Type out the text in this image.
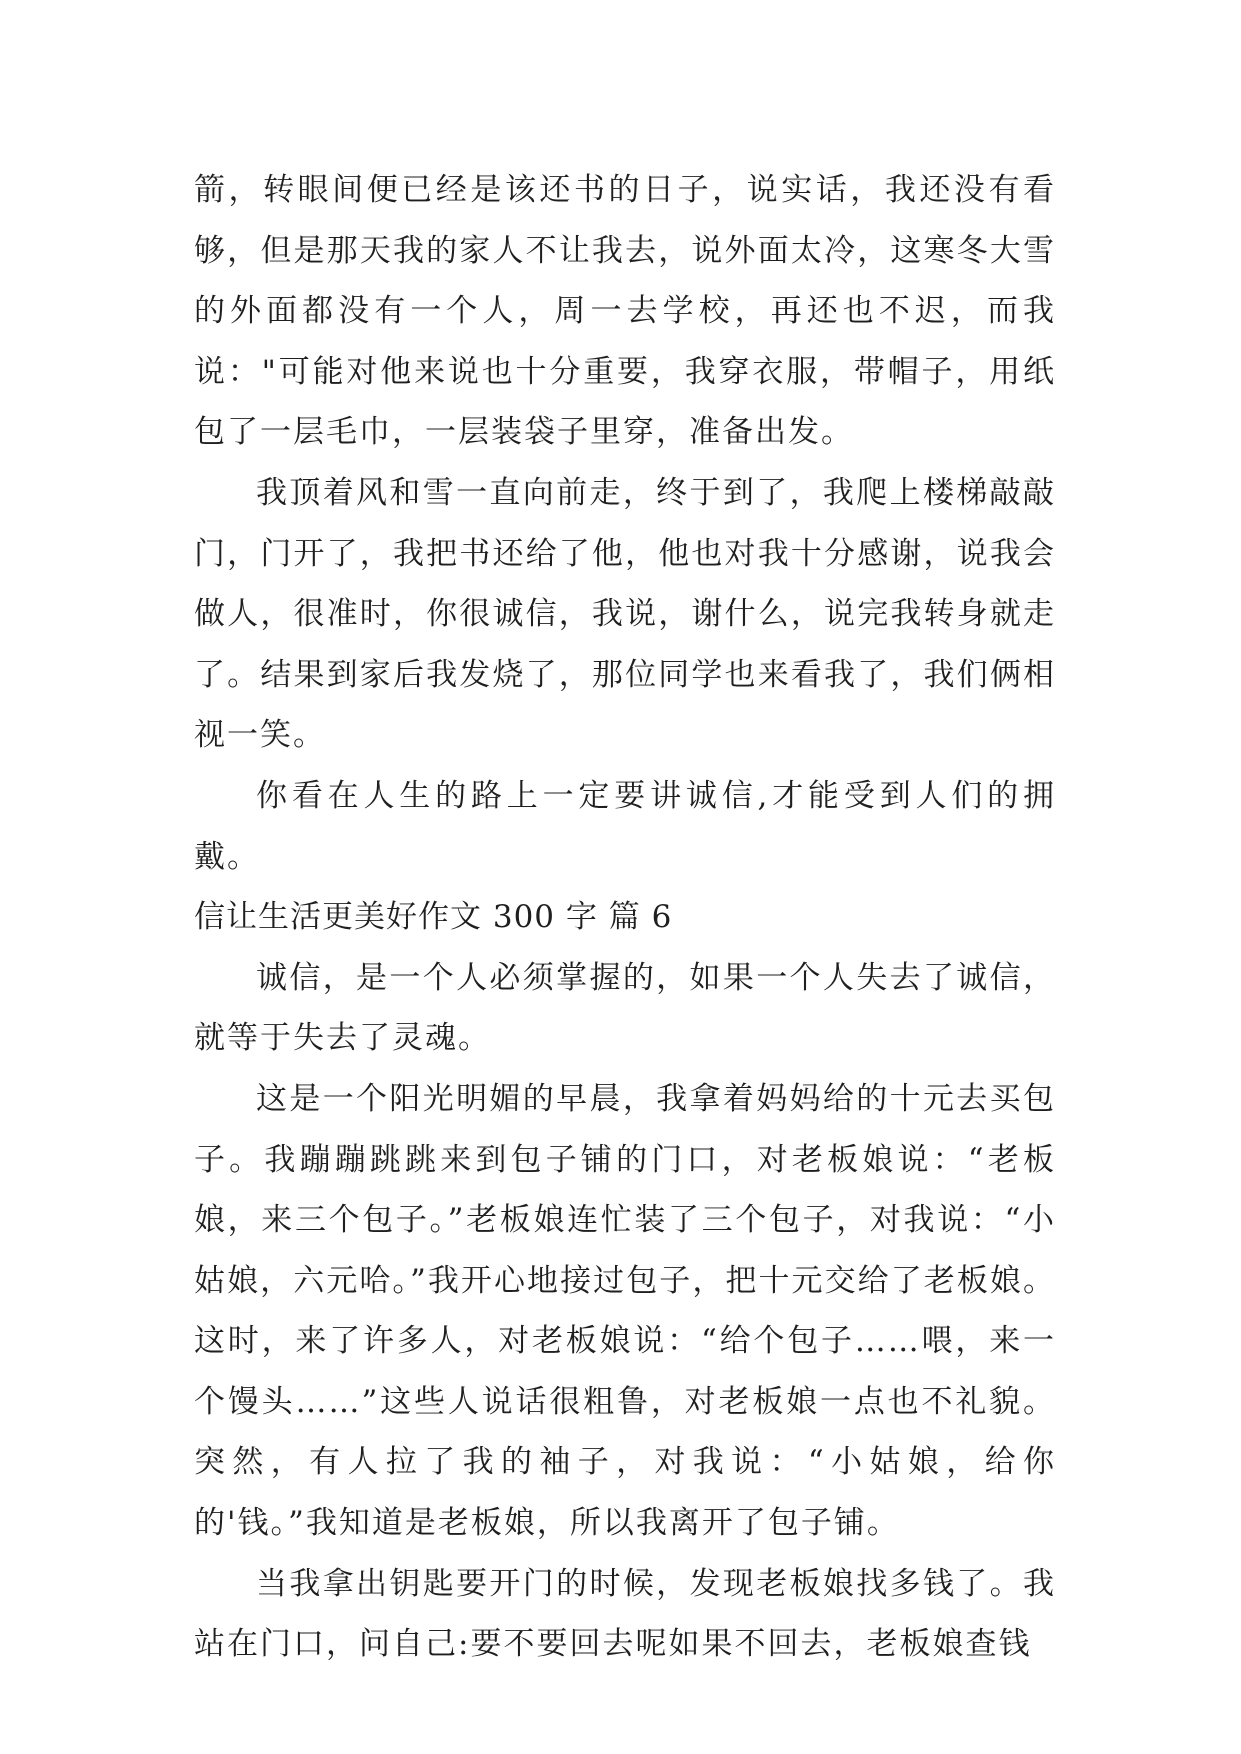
箭，转眼间便已经是该还书的日子，说实话，我还没有看够，但是那天我的家人不让我去，说外面太冷，这寒冬大雪的外面都没有一个人，周一去学校，再还也不迟，而我说："可能对他来说也十分重要，我穿衣服，带帽子，用纸包了一层毛巾，一层装袋子里穿，准备出发。

我顶着风和雪一直向前走，终于到了，我爬上楼梯敲敲门，门开了，我把书还给了他，他也对我十分感谢，说我会做人，很准时，你很诚信，我说，谢什么，说完我转身就走了。结果到家后我发烧了，那位同学也来看我了，我们俩相视一笑。

你看在人生的路上一定要讲诚信,才能受到人们的拥戴。

信让生活更美好作文 300 字 篇 6

诚信，是一个人必须掌握的，如果一个人失去了诚信，就等于失去了灵魂。

这是一个阳光明媚的早晨，我拿着妈妈给的十元去买包子。我蹦蹦跳跳来到包子铺的门口，对老板娘说：“老板娘，来三个包子。”老板娘连忙装了三个包子，对我说：“小姑娘，六元哈。”我开心地接过包子，把十元交给了老板娘。这时，来了许多人，对老板娘说：“给个包子……喂，来一个馒头……”这些人说话很粗鲁，对老板娘一点也不礼貌。突然，有人拉了我的袖子，对我说：“小姑娘，给你的'钱。”我知道是老板娘，所以我离开了包子铺。

当我拿出钥匙要开门的时候，发现老板娘找多钱了。我站在门口，问自己:要不要回去呢如果不回去，老板娘查钱
